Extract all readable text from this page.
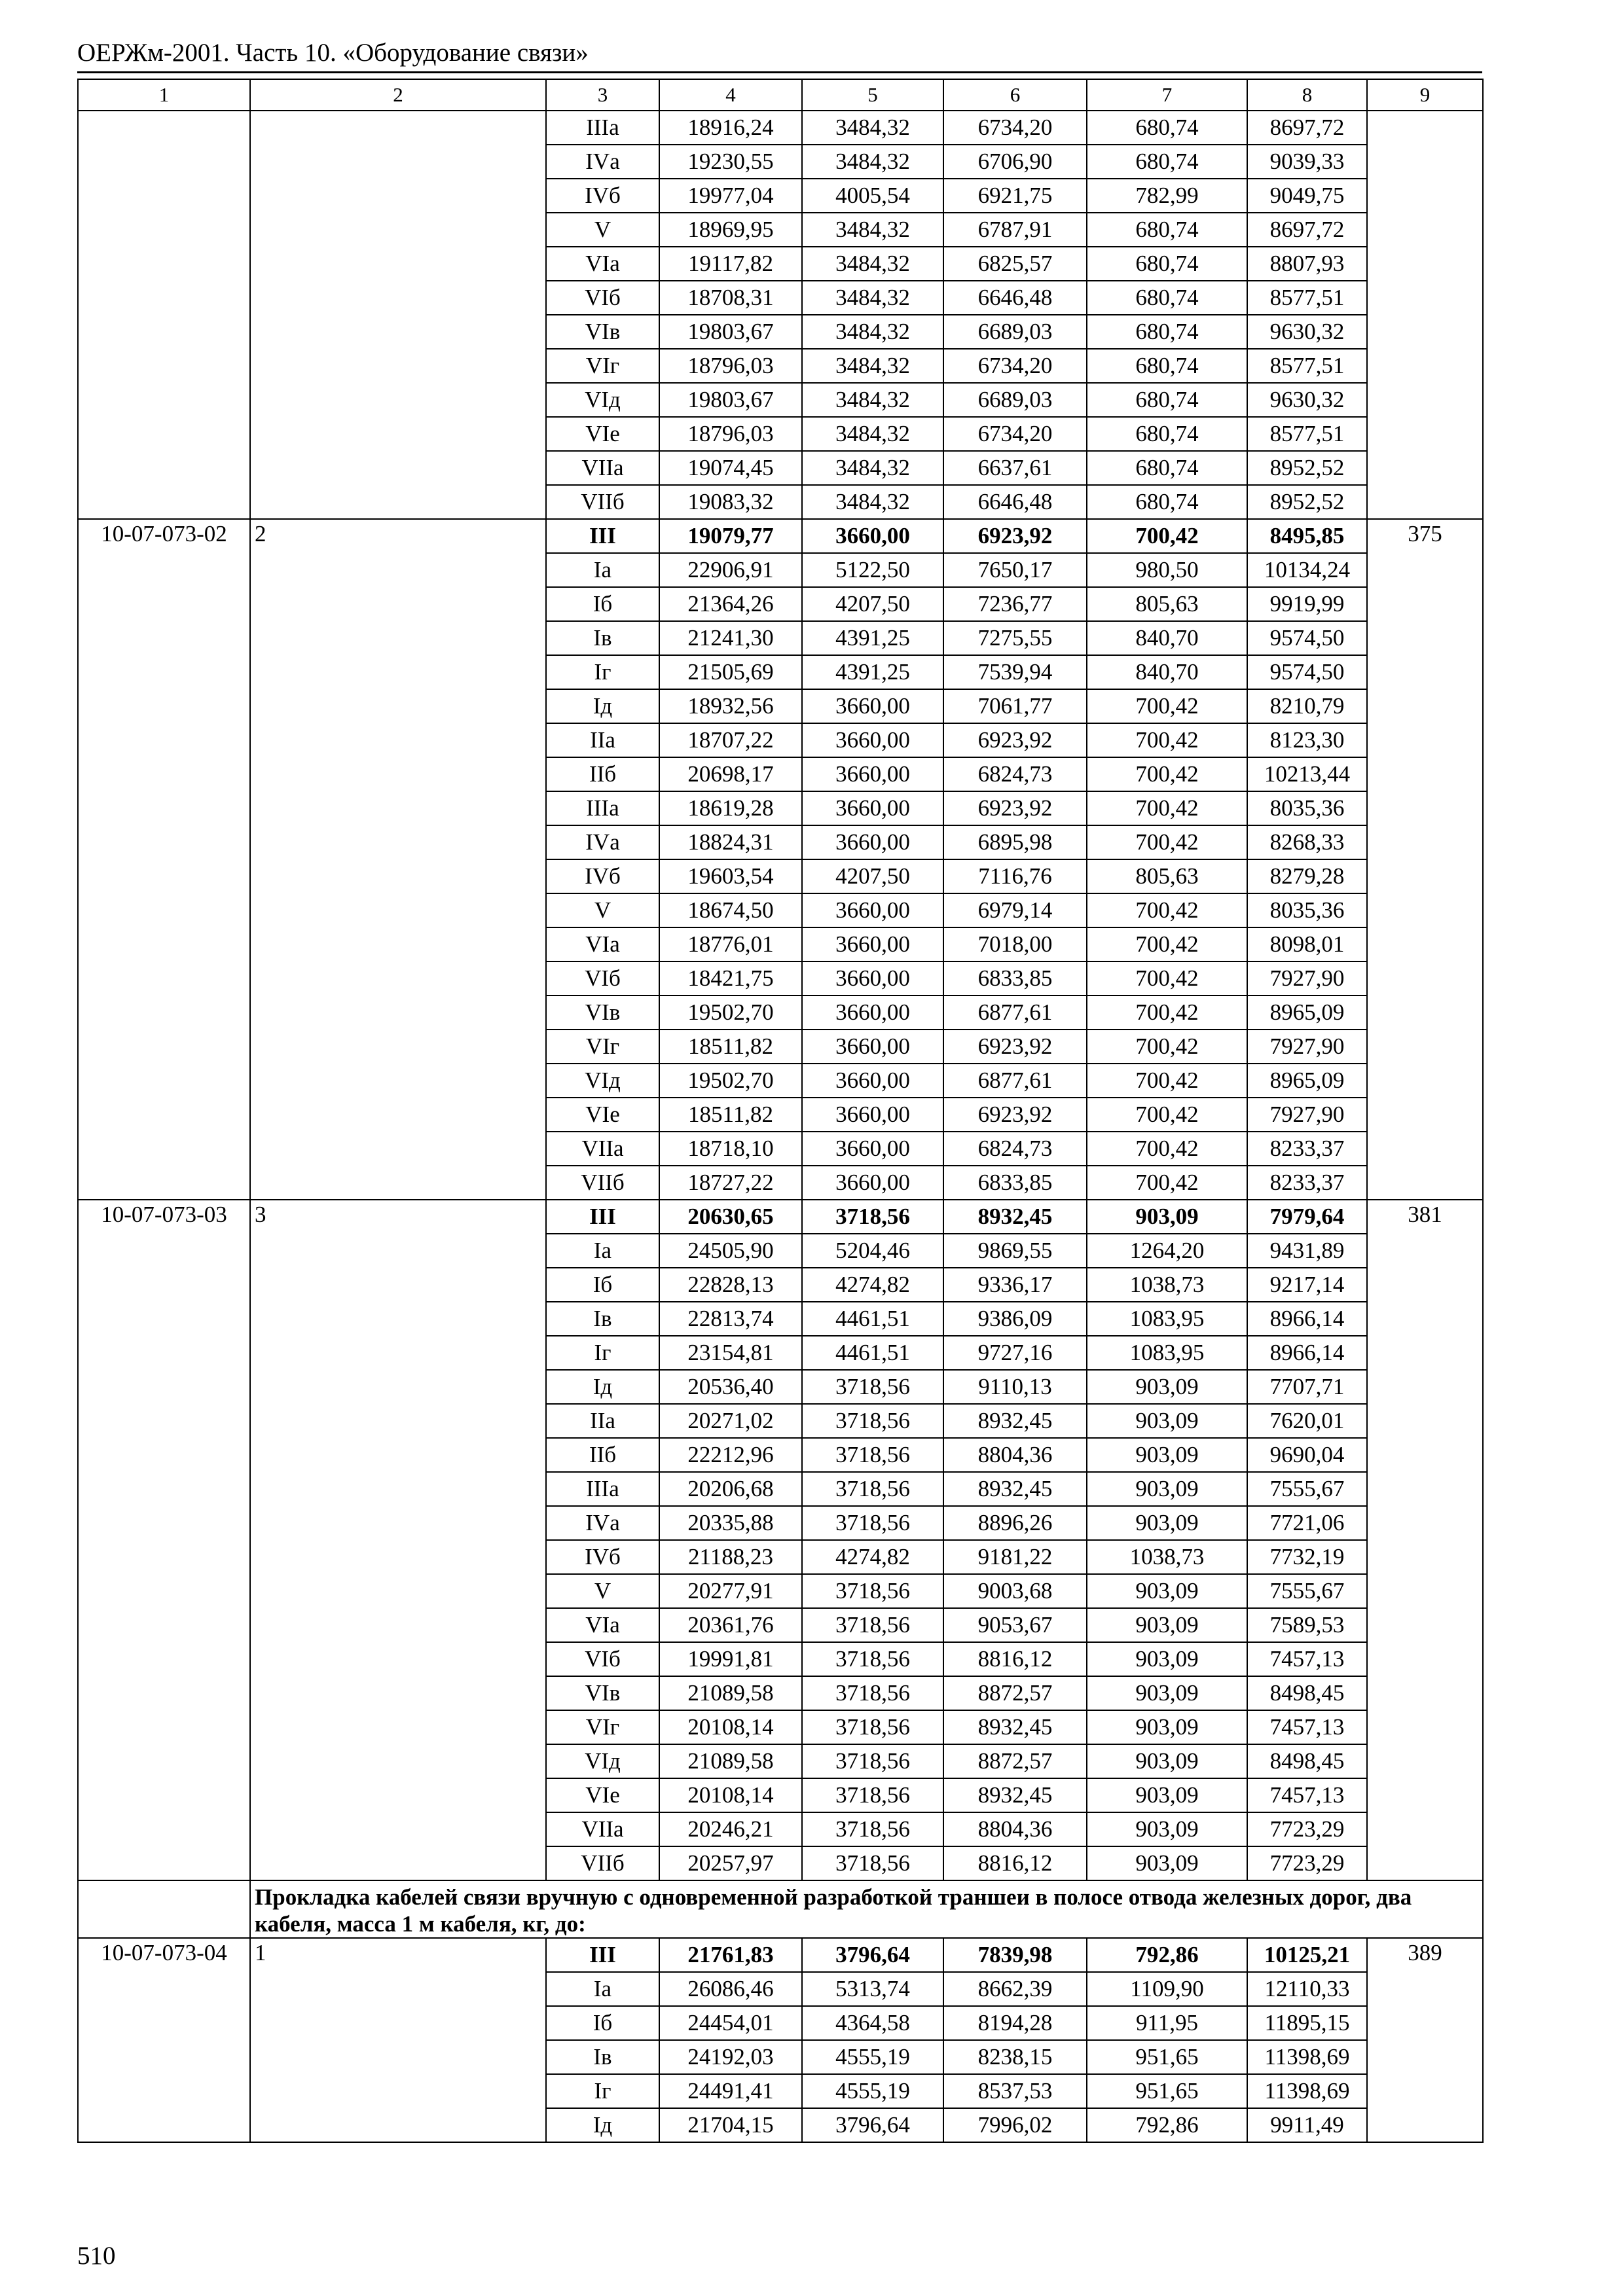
ОЕРЖм-2001. Часть 10. «Оборудование связи»
1	2	3	4	5	6	7	8	9
		IIIа	18916,24	3484,32	6734,20	680,74	8697,72	
		IVа	19230,55	3484,32	6706,90	680,74	9039,33	
		IVб	19977,04	4005,54	6921,75	782,99	9049,75	
		V	18969,95	3484,32	6787,91	680,74	8697,72	
		VIа	19117,82	3484,32	6825,57	680,74	8807,93	
		VIб	18708,31	3484,32	6646,48	680,74	8577,51	
		VIв	19803,67	3484,32	6689,03	680,74	9630,32	
		VIг	18796,03	3484,32	6734,20	680,74	8577,51	
		VIд	19803,67	3484,32	6689,03	680,74	9630,32	
		VIе	18796,03	3484,32	6734,20	680,74	8577,51	
		VIIа	19074,45	3484,32	6637,61	680,74	8952,52	
		VIIб	19083,32	3484,32	6646,48	680,74	8952,52	
10-07-073-02	2	III	19079,77	3660,00	6923,92	700,42	8495,85	375
		Iа	22906,91	5122,50	7650,17	980,50	10134,24	
		Iб	21364,26	4207,50	7236,77	805,63	9919,99	
		Iв	21241,30	4391,25	7275,55	840,70	9574,50	
		Iг	21505,69	4391,25	7539,94	840,70	9574,50	
		Iд	18932,56	3660,00	7061,77	700,42	8210,79	
		IIа	18707,22	3660,00	6923,92	700,42	8123,30	
		IIб	20698,17	3660,00	6824,73	700,42	10213,44	
		IIIа	18619,28	3660,00	6923,92	700,42	8035,36	
		IVа	18824,31	3660,00	6895,98	700,42	8268,33	
		IVб	19603,54	4207,50	7116,76	805,63	8279,28	
		V	18674,50	3660,00	6979,14	700,42	8035,36	
		VIа	18776,01	3660,00	7018,00	700,42	8098,01	
		VIб	18421,75	3660,00	6833,85	700,42	7927,90	
		VIв	19502,70	3660,00	6877,61	700,42	8965,09	
		VIг	18511,82	3660,00	6923,92	700,42	7927,90	
		VIд	19502,70	3660,00	6877,61	700,42	8965,09	
		VIе	18511,82	3660,00	6923,92	700,42	7927,90	
		VIIа	18718,10	3660,00	6824,73	700,42	8233,37	
		VIIб	18727,22	3660,00	6833,85	700,42	8233,37	
10-07-073-03	3	III	20630,65	3718,56	8932,45	903,09	7979,64	381
		Iа	24505,90	5204,46	9869,55	1264,20	9431,89	
		Iб	22828,13	4274,82	9336,17	1038,73	9217,14	
		Iв	22813,74	4461,51	9386,09	1083,95	8966,14	
		Iг	23154,81	4461,51	9727,16	1083,95	8966,14	
		Iд	20536,40	3718,56	9110,13	903,09	7707,71	
		IIа	20271,02	3718,56	8932,45	903,09	7620,01	
		IIб	22212,96	3718,56	8804,36	903,09	9690,04	
		IIIа	20206,68	3718,56	8932,45	903,09	7555,67	
		IVа	20335,88	3718,56	8896,26	903,09	7721,06	
		IVб	21188,23	4274,82	9181,22	1038,73	7732,19	
		V	20277,91	3718,56	9003,68	903,09	7555,67	
		VIа	20361,76	3718,56	9053,67	903,09	7589,53	
		VIб	19991,81	3718,56	8816,12	903,09	7457,13	
		VIв	21089,58	3718,56	8872,57	903,09	8498,45	
		VIг	20108,14	3718,56	8932,45	903,09	7457,13	
		VIд	21089,58	3718,56	8872,57	903,09	8498,45	
		VIе	20108,14	3718,56	8932,45	903,09	7457,13	
		VIIа	20246,21	3718,56	8804,36	903,09	7723,29	
		VIIб	20257,97	3718,56	8816,12	903,09	7723,29	
	Прокладка кабелей связи вручную с одновременной разработкой траншеи в полосе отвода железных дорог, два кабеля, масса 1 м кабеля, кг, до:							
10-07-073-04	1	III	21761,83	3796,64	7839,98	792,86	10125,21	389
		Iа	26086,46	5313,74	8662,39	1109,90	12110,33	
		Iб	24454,01	4364,58	8194,28	911,95	11895,15	
		Iв	24192,03	4555,19	8238,15	951,65	11398,69	
		Iг	24491,41	4555,19	8537,53	951,65	11398,69	
		Iд	21704,15	3796,64	7996,02	792,86	9911,49	
510
